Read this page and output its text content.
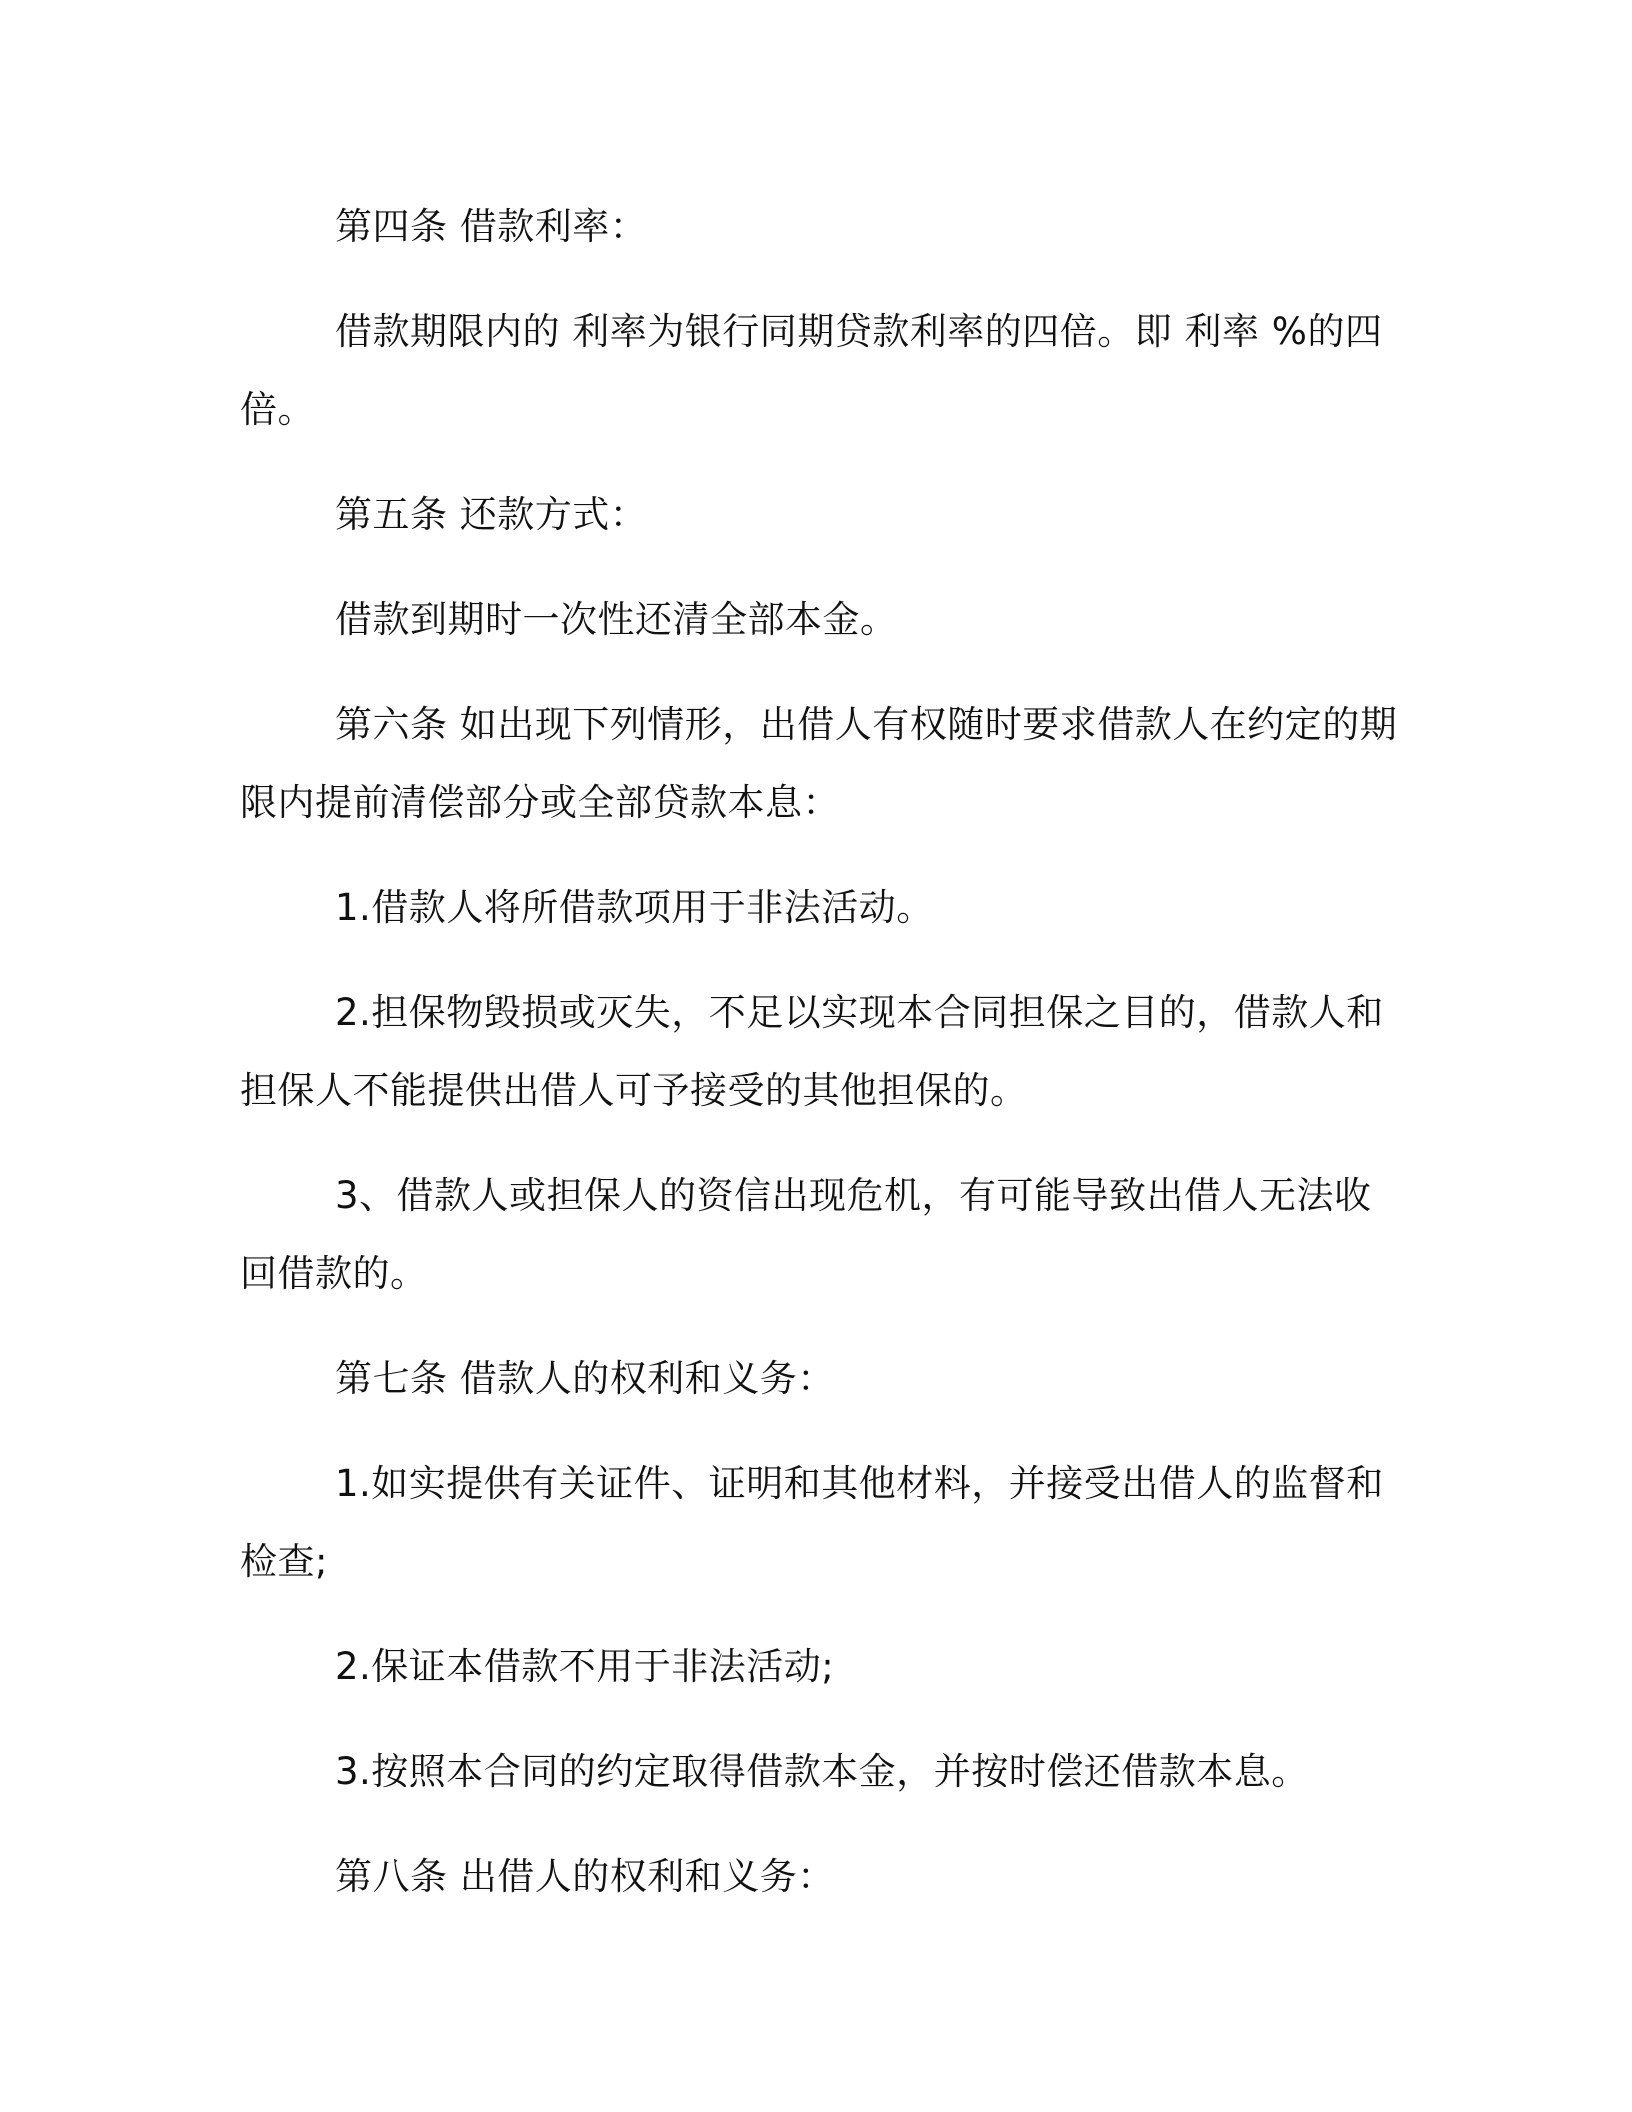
第四条 借款利率：

借款期限内的 利率为银行同期贷款利率的四倍。即 利率 %的四倍。

第五条 还款方式：

借款到期时一次性还清全部本金。

第六条 如出现下列情形，出借人有权随时要求借款人在约定的期限内提前清偿部分或全部贷款本息：

1.借款人将所借款项用于非法活动。

2.担保物毁损或灭失，不足以实现本合同担保之目的，借款人和担保人不能提供出借人可予接受的其他担保的。

3、借款人或担保人的资信出现危机，有可能导致出借人无法收回借款的。

第七条 借款人的权利和义务：

1.如实提供有关证件、证明和其他材料，并接受出借人的监督和检查;

2.保证本借款不用于非法活动;

3.按照本合同的约定取得借款本金，并按时偿还借款本息。

第八条 出借人的权利和义务：
